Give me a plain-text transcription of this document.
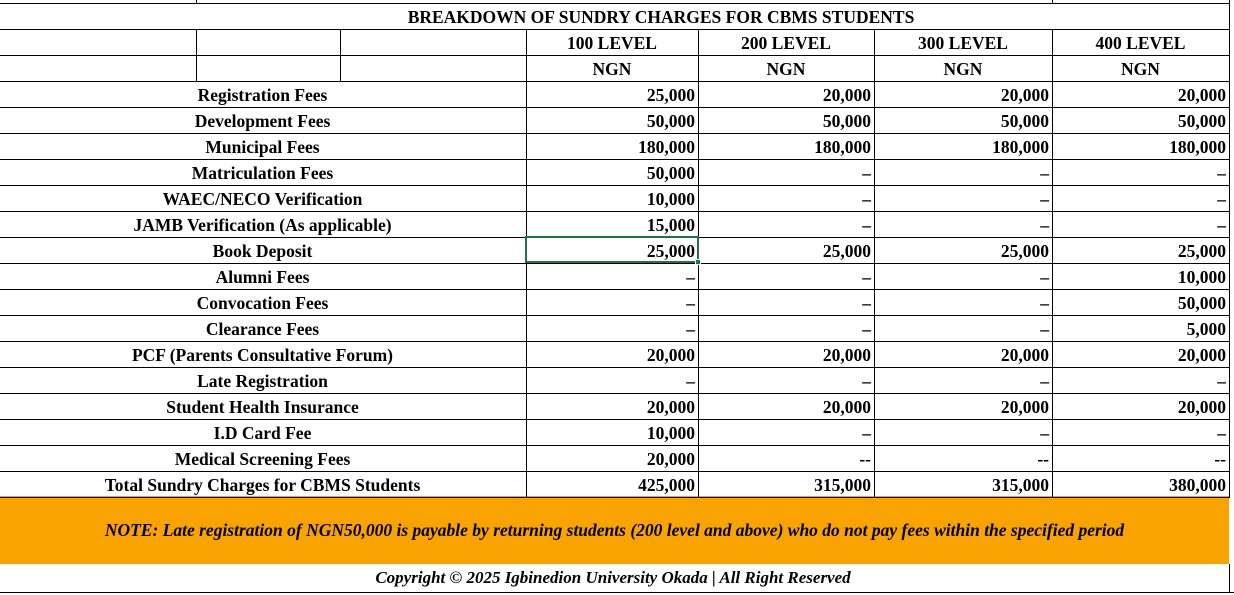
BREAKDOWN OF SUNDRY CHARGES FOR CBMS STUDENTS
100 LEVEL	200 LEVEL	300 LEVEL	400 LEVEL
NGN	NGN	NGN	NGN
Registration Fees	25,000	20,000	20,000	20,000
Development Fees	50,000	50,000	50,000	50,000
Municipal Fees	180,000	180,000	180,000	180,000
Matriculation Fees	50,000	–	–	–
WAEC/NECO Verification	10,000	–	–	–
JAMB Verification (As applicable)	15,000	–	–	–
Book Deposit	25,000	25,000	25,000	25,000
Alumni Fees	–	–	–	10,000
Convocation Fees	–	–	–	50,000
Clearance Fees	–	–	–	5,000
PCF (Parents Consultative Forum)	20,000	20,000	20,000	20,000
Late Registration	–	–	–	–
Student Health Insurance	20,000	20,000	20,000	20,000
I.D Card Fee	10,000	–	–	–
Medical Screening Fees	20,000	--	--	--
Total Sundry Charges for CBMS Students	425,000	315,000	315,000	380,000
NOTE: Late registration of NGN50,000 is payable by returning students (200 level and above) who do not pay fees within the specified period
Copyright © 2025 Igbinedion University Okada | All Right Reserved
